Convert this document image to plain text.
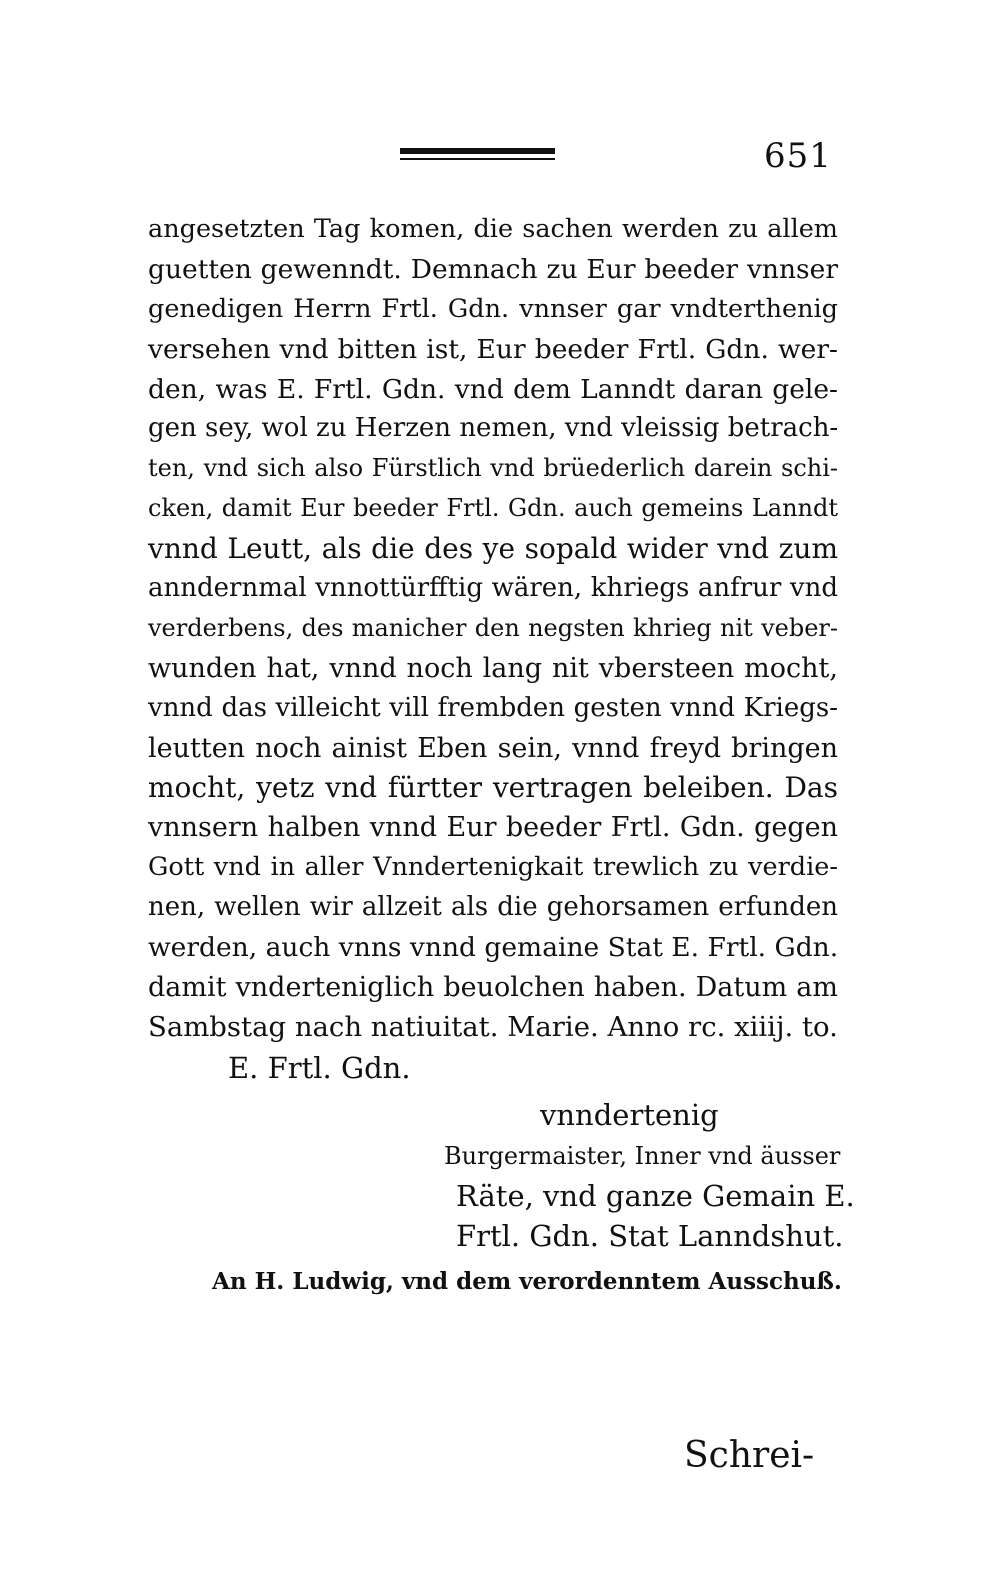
651
angesetzten Tag komen, die sachen werden zu allem
guetten gewenndt. Demnach zu Eur beeder vnnser
genedigen Herrn Frtl. Gdn. vnnser gar vndterthenig
versehen vnd bitten ist, Eur beeder Frtl. Gdn. wer-
den, was E. Frtl. Gdn. vnd dem Lanndt daran gele-
gen sey, wol zu Herzen nemen, vnd vleissig betrach-
ten, vnd sich also Fürstlich vnd brüederlich darein schi-
cken, damit Eur beeder Frtl. Gdn. auch gemeins Lanndt
vnnd Leutt, als die des ye sopald wider vnd zum
anndernmal vnnottürfftig wären, khriegs anfrur vnd
verderbens, des manicher den negsten khrieg nit veber-
wunden hat, vnnd noch lang nit vbersteen mocht,
vnnd das villeicht vill frembden gesten vnnd Kriegs-
leutten noch ainist Eben sein, vnnd freyd bringen
mocht, yetz vnd fürtter vertragen beleiben. Das
vnnsern halben vnnd Eur beeder Frtl. Gdn. gegen
Gott vnd in aller Vnndertenigkait trewlich zu verdie-
nen, wellen wir allzeit als die gehorsamen erfunden
werden, auch vnns vnnd gemaine Stat E. Frtl. Gdn.
damit vnderteniglich beuolchen haben. Datum am
Sambstag nach natiuitat. Marie. Anno rc. xiiij. to.
E. Frtl. Gdn.
vnndertenig
Burgermaister, Inner vnd äusser
Räte, vnd ganze Gemain E.
Frtl. Gdn. Stat Lanndshut.
An H. Ludwig, vnd dem verordenntem Ausschuß.
Schrei-
